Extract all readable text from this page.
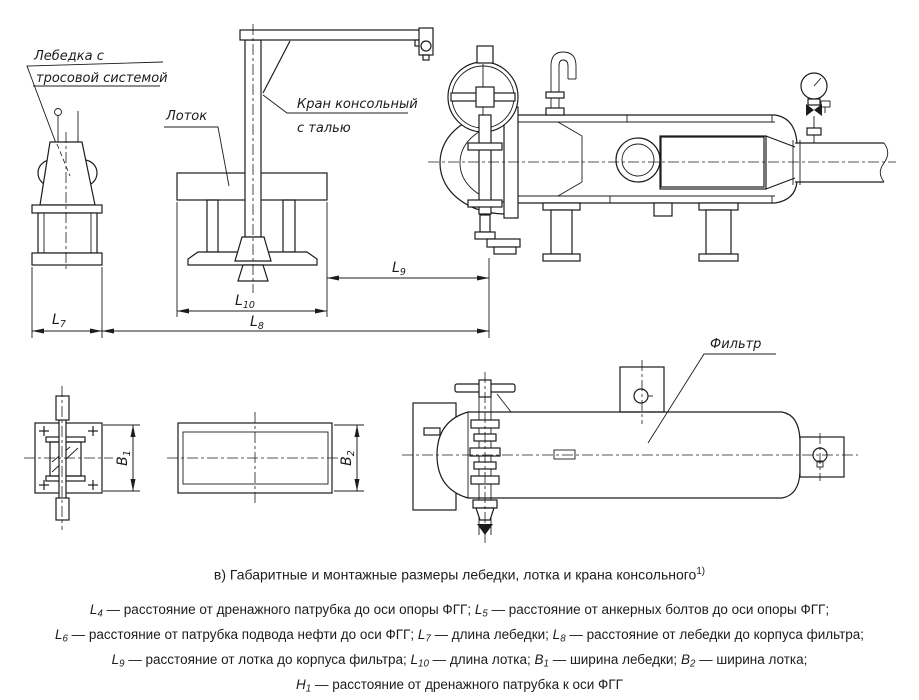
Лебедка с
тросовой системой
Кран консольный
с талью
Лоток
$L_7$	$L_8$
$L_{10}$
$L_9$
$B_1$
$B_2$
Фильтр
в) Габаритные и монтажные размеры лебедки, лотка и крана консольного$^{1)}$
$L_4$ — расстояние от дренажного патрубка до оси опоры ФГГ; $L_5$ — расстояние от анкерных болтов до оси опоры ФГГ;
$L_6$ — расстояние от патрубка подвода нефти до оси ФГГ; $L_7$ — длина лебедки; $L_8$ — расстояние от лебедки до корпуса фильтра;
$L_9$ — расстояние от лотка до корпуса фильтра; $L_{10}$ — длина лотка; $B_1$ — ширина лебедки; $B_2$ — ширина лотка;
$H_1$ — расстояние от дренажного патрубка к оси ФГГ
